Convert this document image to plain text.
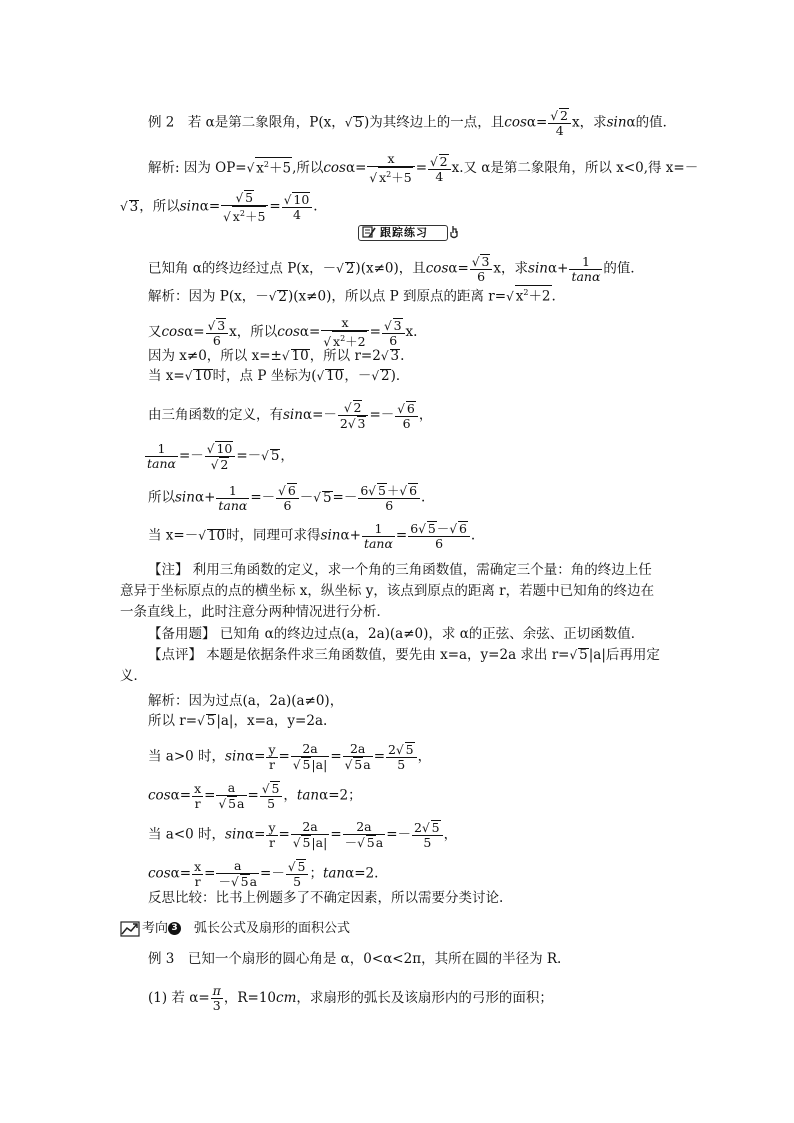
例 2　若 α是第二象限角，P(x，√ 5)为其终边上的一点，且$\cos\alpha= \frac{√ 2}{4}$ x，求sinα的值．
解析: 因为 OP=√ $x^2+5$,所以$\cos\alpha= \frac{x}{√ x^2+5} = \frac{√ 2}{4} x$.又 α是第二象限角，所以 x<0,得 x=－
√ 3，所以$\sin\alpha= \frac{√ 5}{√ x^2+5} = \frac{√ 10}{4}$ .
跟踪练习
已知角 α的终边经过点 P(x，－√ 2)(x≠0)，且$\cos\alpha= \frac{√ 3}{6}$ x，求$\sin\alpha+ \frac{1}{\tan\alpha}$ 的值．
解析：因为 P(x，－√ 2)(x≠0)，所以点 P 到原点的距离 r=√ $x^2+2$.
又$\cos\alpha= \frac{√ 3}{6}$ x，所以$\cos\alpha= \frac{x}{√ x^2+2} = \frac{√ 3}{6} x$.
因为 x≠0，所以 x=±√ 10，所以 r=2√ 3.
当 x=√ 10时，点 P 坐标为(√ 10，－√ 2)．
由三角函数的定义，有$\sin\alpha=- \frac{√ 2}{2√ 3} =- \frac{√ 6}{6}$ ，
$\frac{1}{\tan\alpha} =- \frac{√ 10}{√ 2}$ =－√ 5，
所以$\sin\alpha+ \frac{1}{\tan\alpha} =- \frac{√ 6}{6}$ －√ $5=- \frac{6√ 5+√ 6}{6}$ .
当 x=－√ 10时，同理可求得$\sin\alpha+ \frac{1}{\tan\alpha} = \frac{6√ 5-√ 6}{6}$ .
【注】 利用三角函数的定义，求一个角的三角函数值，需确定三个量：角的终边上任
意异于坐标原点的点的横坐标 x，纵坐标 y，该点到原点的距离 r，若题中已知角的终边在
一条直线上，此时注意分两种情况进行分析．
【备用题】 已知角 α的终边过点(a，2a)(a≠0)，求 α的正弦、余弦、正切函数值．
【点评】 本题是依据条件求三角函数值，要先由 x=a，y=2a 求出 r=√ 5|a|后再用定
义．
解析：因为过点(a，2a)(a≠0)，
所以 r=√ 5|a|，x=a，y=2a.
当 a>0 时，$\sin\alpha= \frac{y}{r} = \frac{2a}{√ 5|a|} = \frac{2a}{√ 5a} = \frac{2√ 5}{5}$ ，
$\cos\alpha= \frac{x}{r} = \frac{a}{√ 5a} = \frac{√ 5}{5}$ ，tanα=2；
当 a<0 时，$\sin\alpha= \frac{y}{r} = \frac{2a}{√ 5|a|} = \frac{2a}{-√ 5a} =- \frac{2√ 5}{5}$ ，
$\cos\alpha= \frac{x}{r} = \frac{a}{-√ 5a} =- \frac{√ 5}{5}$ ；tanα=2.
反思比较：比书上例题多了不确定因素，所以需要分类讨论.
考向 3　弧长公式及扇形的面积公式
例 3　已知一个扇形的圆心角是 α，0<α<2π，其所在圆的半径为 R.
(1) 若 $\alpha= \frac{\pi}{3}$ ，R=10cm，求扇形的弧长及该扇形内的弓形的面积；
